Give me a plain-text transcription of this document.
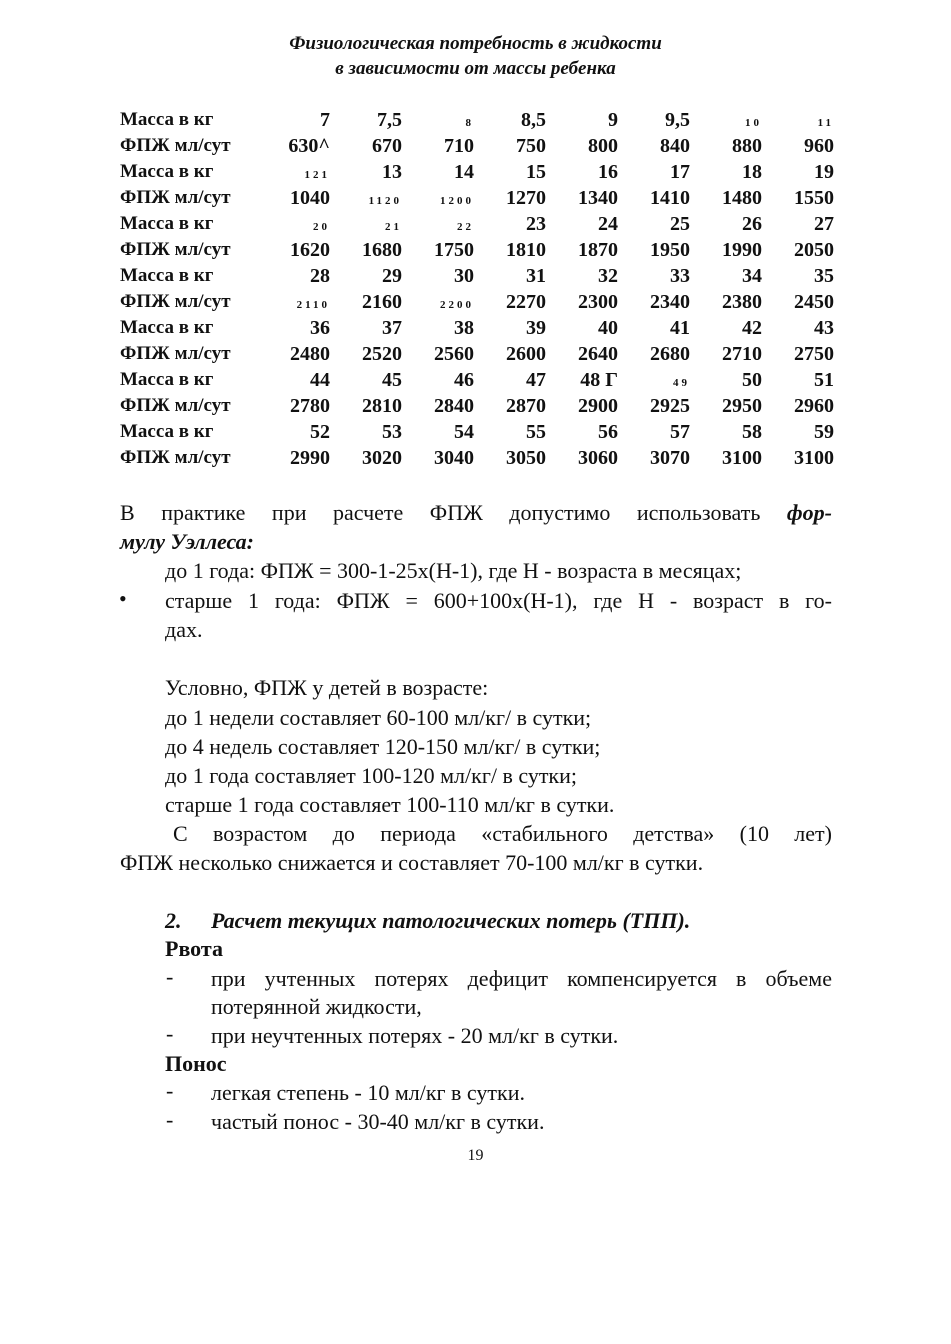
Физиологическая потребность в жидкости
в зависимости от массы ребенка
Масса в кг	7	7,5	8	8,5	9	9,5	10	11
ФПЖ мл/сут	630^	670	710	750	800	840	880	960
Масса в кг	121	13	14	15	16	17	18	19
ФПЖ мл/сут	1040	1120	1200	1270	1340	1410	1480	1550
Масса в кг	20	21	22	23	24	25	26	27
ФПЖ мл/сут	1620	1680	1750	1810	1870	1950	1990	2050
Масса в кг	28	29	30	31	32	33	34	35
ФПЖ мл/сут	2110	2160	2200	2270	2300	2340	2380	2450
Масса в кг	36	37	38	39	40	41	42	43
ФПЖ мл/сут	2480	2520	2560	2600	2640	2680	2710	2750
Масса в кг	44	45	46	47	48 Г	49	50	51
ФПЖ мл/сут	2780	2810	2840	2870	2900	2925	2950	2960
Масса в кг	52	53	54	55	56	57	58	59
ФПЖ мл/сут	2990	3020	3040	3050	3060	3070	3100	3100
В практике при расчете ФПЖ допустимо использовать фор-
мулу Уэллеса:
до 1 года: ФПЖ = 300-1-25х(Н-1), где Н - возраста в месяцах;
• старше 1 года: ФПЖ = 600+100х(Н-1), где Н - возраст в го-
дах.
Условно, ФПЖ у детей в возрасте:
до 1 недели составляет 60-100 мл/кг/ в сутки;
до 4 недель составляет 120-150 мл/кг/ в сутки;
до 1 года составляет 100-120 мл/кг/ в сутки;
старше 1 года составляет 100-110 мл/кг в сутки.
С возрастом до периода «стабильного детства» (10 лет)
ФПЖ несколько снижается и составляет 70-100 мл/кг в сутки.
2. Расчет текущих патологических потерь (ТПП).
Рвота
- при учтенных потерях дефицит компенсируется в объеме
потерянной жидкости,
- при неучтенных потерях - 20 мл/кг в сутки.
Понос
- легкая степень - 10 мл/кг в сутки.
- частый понос - 30-40 мл/кг в сутки.
19
